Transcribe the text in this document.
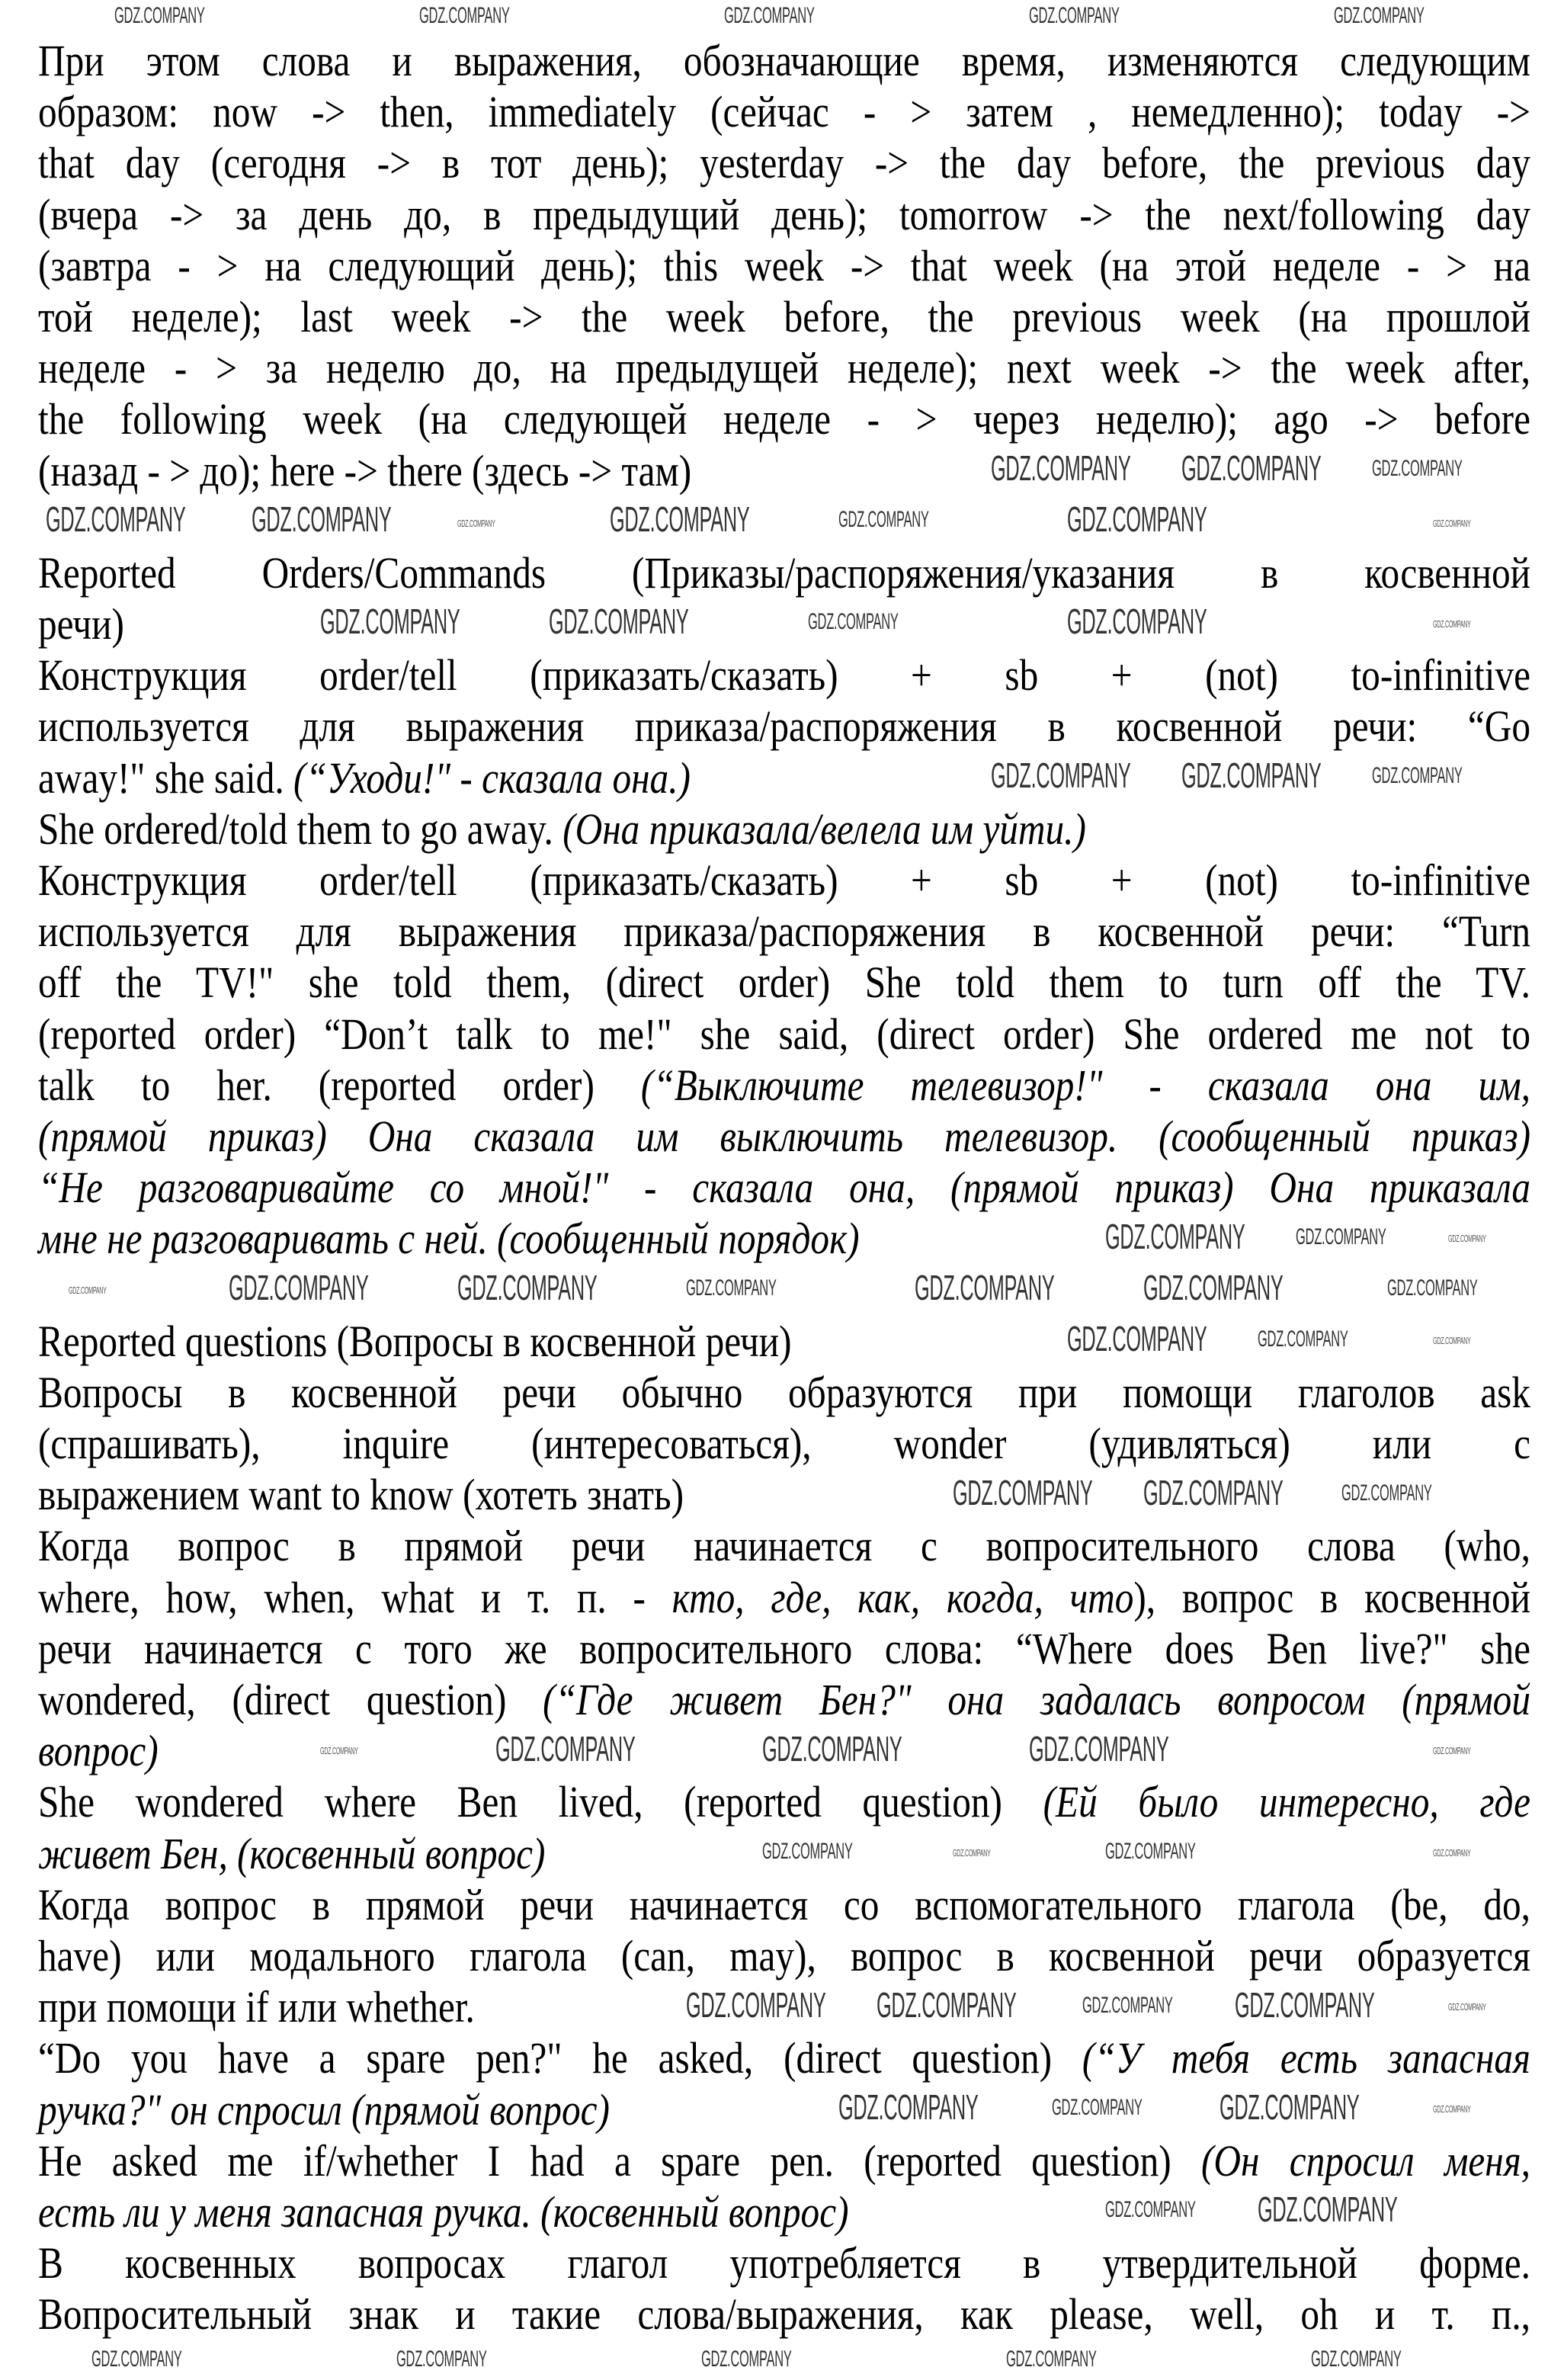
При этом слова и выражения, обозначающие время, изменяются следующим
образом: now -> then, immediately (сейчас - > затем , немедленно); today ->
that day (сегодня -> в тот день); yesterday -> the day before, the previous day
(вчера -> за день до, в предыдущий день); tomorrow -> the next/following day
(завтра - > на следующий день); this week -> that week (на этой неделе - > на
той неделе); last week -> the week before, the previous week (на прошлой
неделе - > за неделю до, на предыдущей неделе); next week -> the week after,
the following week (на следующей неделе - > через неделю); ago -> before
(назад - > до); here -> there (здесь -> там)
Reported Orders/Commands (Приказы/распоряжения/указания в косвенной
речи)
Конструкция order/tell (приказать/сказать) + sb + (not) to-infinitive
используется для выражения приказа/распоряжения в косвенной речи: “Go
away!" she said. (“Уходи!" - сказала она.)
She ordered/told them to go away. (Она приказала/велела им уйти.)
Конструкция order/tell (приказать/сказать) + sb + (not) to-infinitive
используется для выражения приказа/распоряжения в косвенной речи: “Turn
off the TV!" she told them, (direct order) She told them to turn off the TV.
(reported order) “Don’t talk to me!" she said, (direct order) She ordered me not to
talk to her. (reported order) (“Выключите телевизор!" - сказала она им,
(прямой приказ) Она сказала им выключить телевизор. (сообщенный приказ)
“Не разговаривайте со мной!" - сказала она, (прямой приказ) Она приказала
мне не разговаривать с ней. (сообщенный порядок)
Reported questions (Вопросы в косвенной речи)
Вопросы в косвенной речи обычно образуются при помощи глаголов ask
(спрашивать), inquire (интересоваться), wonder (удивляться) или с
выражением want to know (хотеть знать)
Когда вопрос в прямой речи начинается с вопросительного слова (who,
where, how, when, what и т. п. - кто, где, как, когда, что), вопрос в косвенной
речи начинается с того же вопросительного слова: “Where does Ben live?" she
wondered, (direct question) (“Где живет Бен?" она задалась вопросом (прямой
вопрос)
She wondered where Ben lived, (reported question) (Ей было интересно, где
живет Бен, (косвенный вопрос)
Когда вопрос в прямой речи начинается со вспомогательного глагола (be, do,
have) или модального глагола (can, may), вопрос в косвенной речи образуется
при помощи if или whether.
“Do you have a spare pen?" he asked, (direct question) (“У тебя есть запасная
ручка?" он спросил (прямой вопрос)
He asked me if/whether I had a spare pen. (reported question) (Он спросил меня,
есть ли у меня запасная ручка. (косвенный вопрос)
В косвенных вопросах глагол употребляется в утвердительной форме.
Вопросительный знак и такие слова/выражения, как please, well, oh и т. п.,
GDZ.COMPANY	GDZ.COMPANY	GDZ.COMPANY	GDZ.COMPANY	GDZ.COMPANY
GDZ.COMPANY GDZ.COMPANY GDZ.COMPANY
GDZ.COMPANY GDZ.COMPANY	GDZ.COMPANY	GDZ.COMPANY	GDZ.COMPANY	GDZ.COMPANY	GDZ.COMPANY
GDZ.COMPANY	GDZ.COMPANY	GDZ.COMPANY	GDZ.COMPANY	GDZ.COMPANY
GDZ.COMPANY GDZ.COMPANY GDZ.COMPANY
GDZ.COMPANY GDZ.COMPANY	GDZ.COMPANY
GDZ.COMPANY	GDZ.COMPANY	GDZ.COMPANY	GDZ.COMPANY	GDZ.COMPANY	GDZ.COMPANY	GDZ.COMPANY
GDZ.COMPANY GDZ.COMPANY	GDZ.COMPANY
GDZ.COMPANY GDZ.COMPANY	GDZ.COMPANY
GDZ.COMPANY	GDZ.COMPANY	GDZ.COMPANY	GDZ.COMPANY	GDZ.COMPANY
GDZ.COMPANY	GDZ.COMPANY	GDZ.COMPANY	GDZ.COMPANY
GDZ.COMPANY GDZ.COMPANY	GDZ.COMPANY GDZ.COMPANY	GDZ.COMPANY
GDZ.COMPANY	GDZ.COMPANY GDZ.COMPANY	GDZ.COMPANY
GDZ.COMPANY GDZ.COMPANY
GDZ.COMPANY	GDZ.COMPANY	GDZ.COMPANY	GDZ.COMPANY	GDZ.COMPANY
